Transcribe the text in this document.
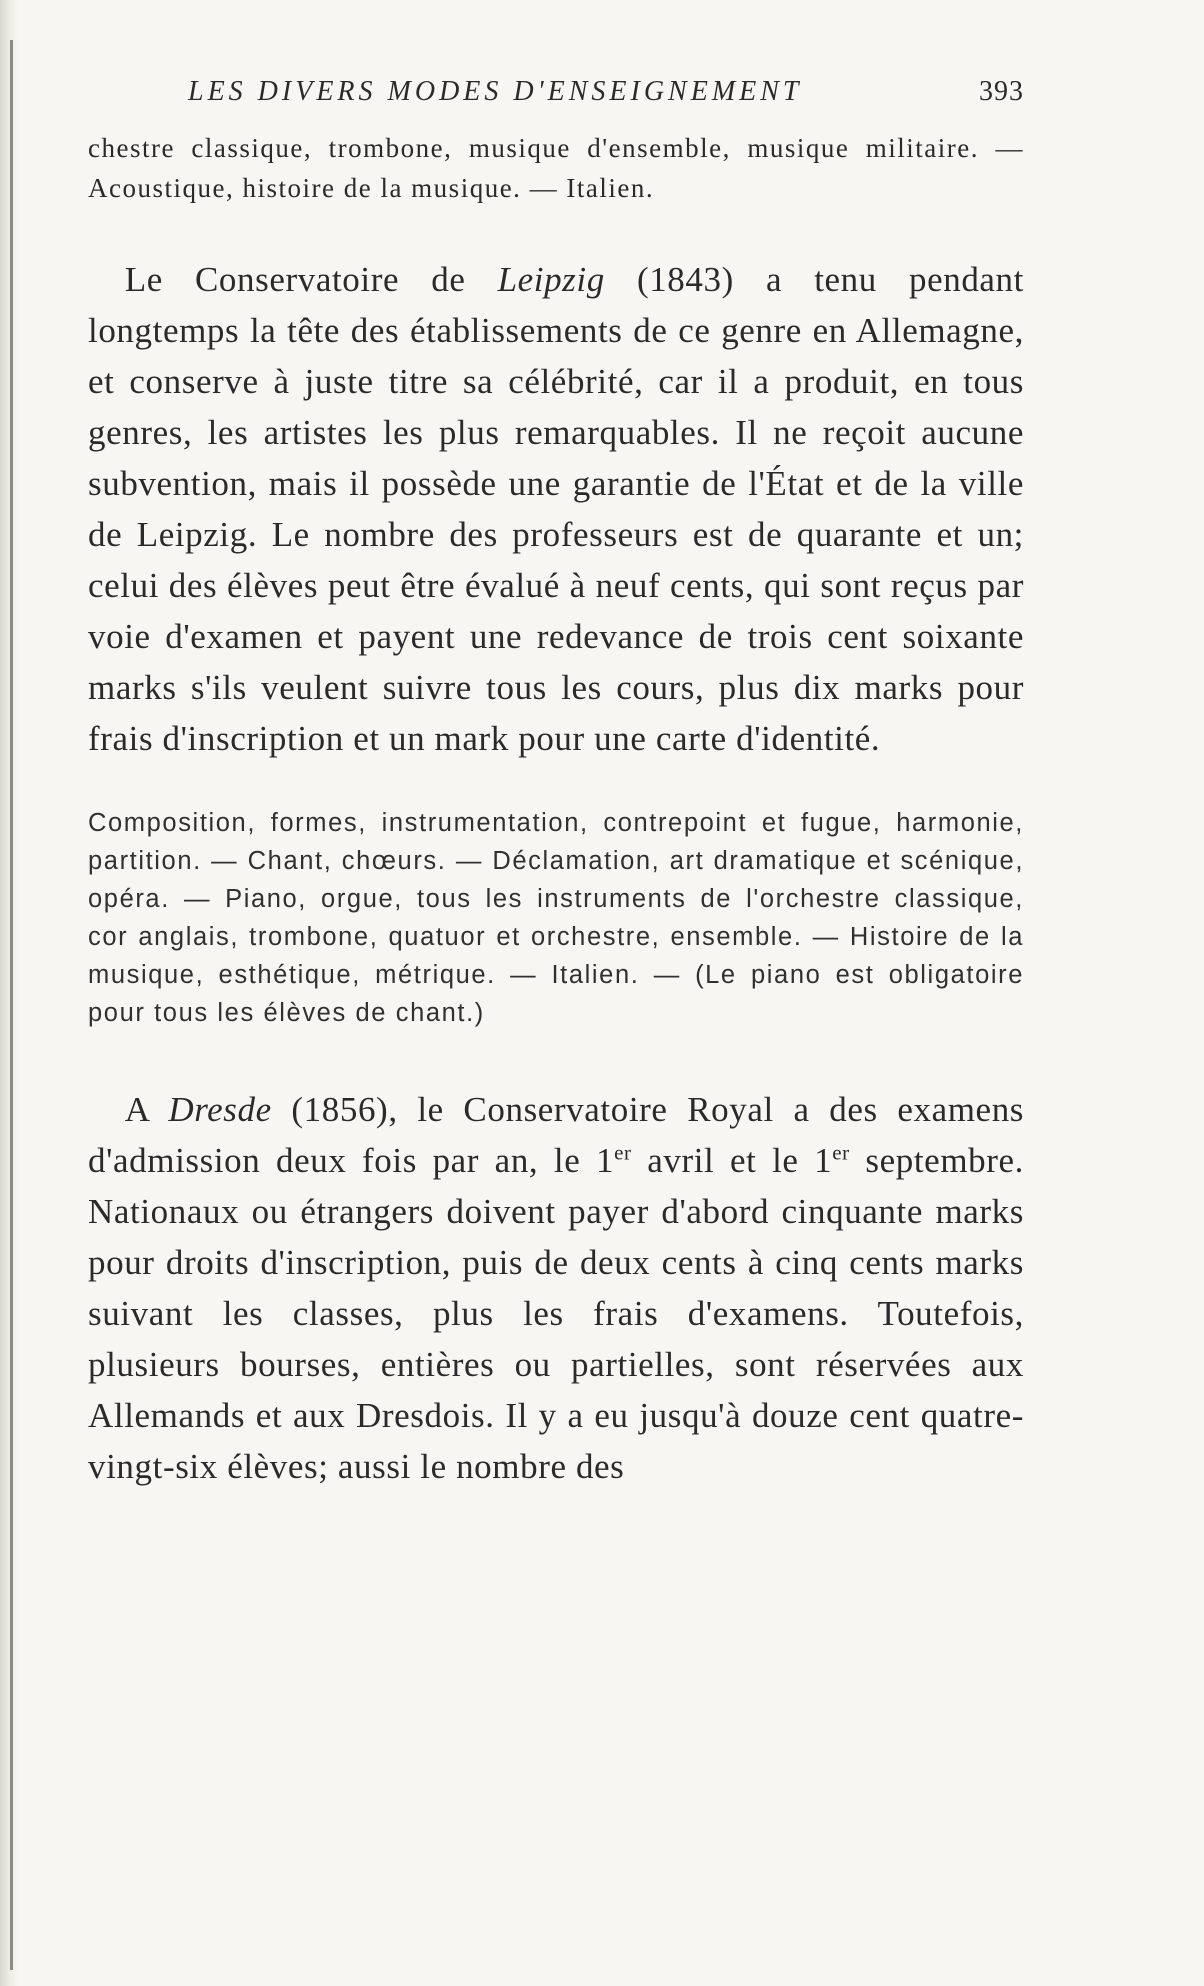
LES DIVERS MODES D'ENSEIGNEMENT	393

chestre classique, trombone, musique d'ensemble, musique militaire. — Acoustique, histoire de la musique. — Italien.

Le Conservatoire de Leipzig (1843) a tenu pendant longtemps la tête des établissements de ce genre en Allemagne, et conserve à juste titre sa célébrité, car il a produit, en tous genres, les artistes les plus remarquables. Il ne reçoit aucune subvention, mais il possède une garantie de l'État et de la ville de Leipzig. Le nombre des professeurs est de quarante et un; celui des élèves peut être évalué à neuf cents, qui sont reçus par voie d'examen et payent une redevance de trois cent soixante marks s'ils veulent suivre tous les cours, plus dix marks pour frais d'inscription et un mark pour une carte d'identité.

Composition, formes, instrumentation, contrepoint et fugue, harmonie, partition. — Chant, chœurs. — Déclamation, art dramatique et scénique, opéra. — Piano, orgue, tous les instruments de l'orchestre classique, cor anglais, trombone, quatuor et orchestre, ensemble. — Histoire de la musique, esthétique, métrique. — Italien. — (Le piano est obligatoire pour tous les élèves de chant.)

A Dresde (1856), le Conservatoire Royal a des examens d'admission deux fois par an, le 1er avril et le 1er septembre. Nationaux ou étrangers doivent payer d'abord cinquante marks pour droits d'inscription, puis de deux cents à cinq cents marks suivant les classes, plus les frais d'examens. Toutefois, plusieurs bourses, entières ou partielles, sont réservées aux Allemands et aux Dresdois. Il y a eu jusqu'à douze cent quatre-vingt-six élèves; aussi le nombre des
